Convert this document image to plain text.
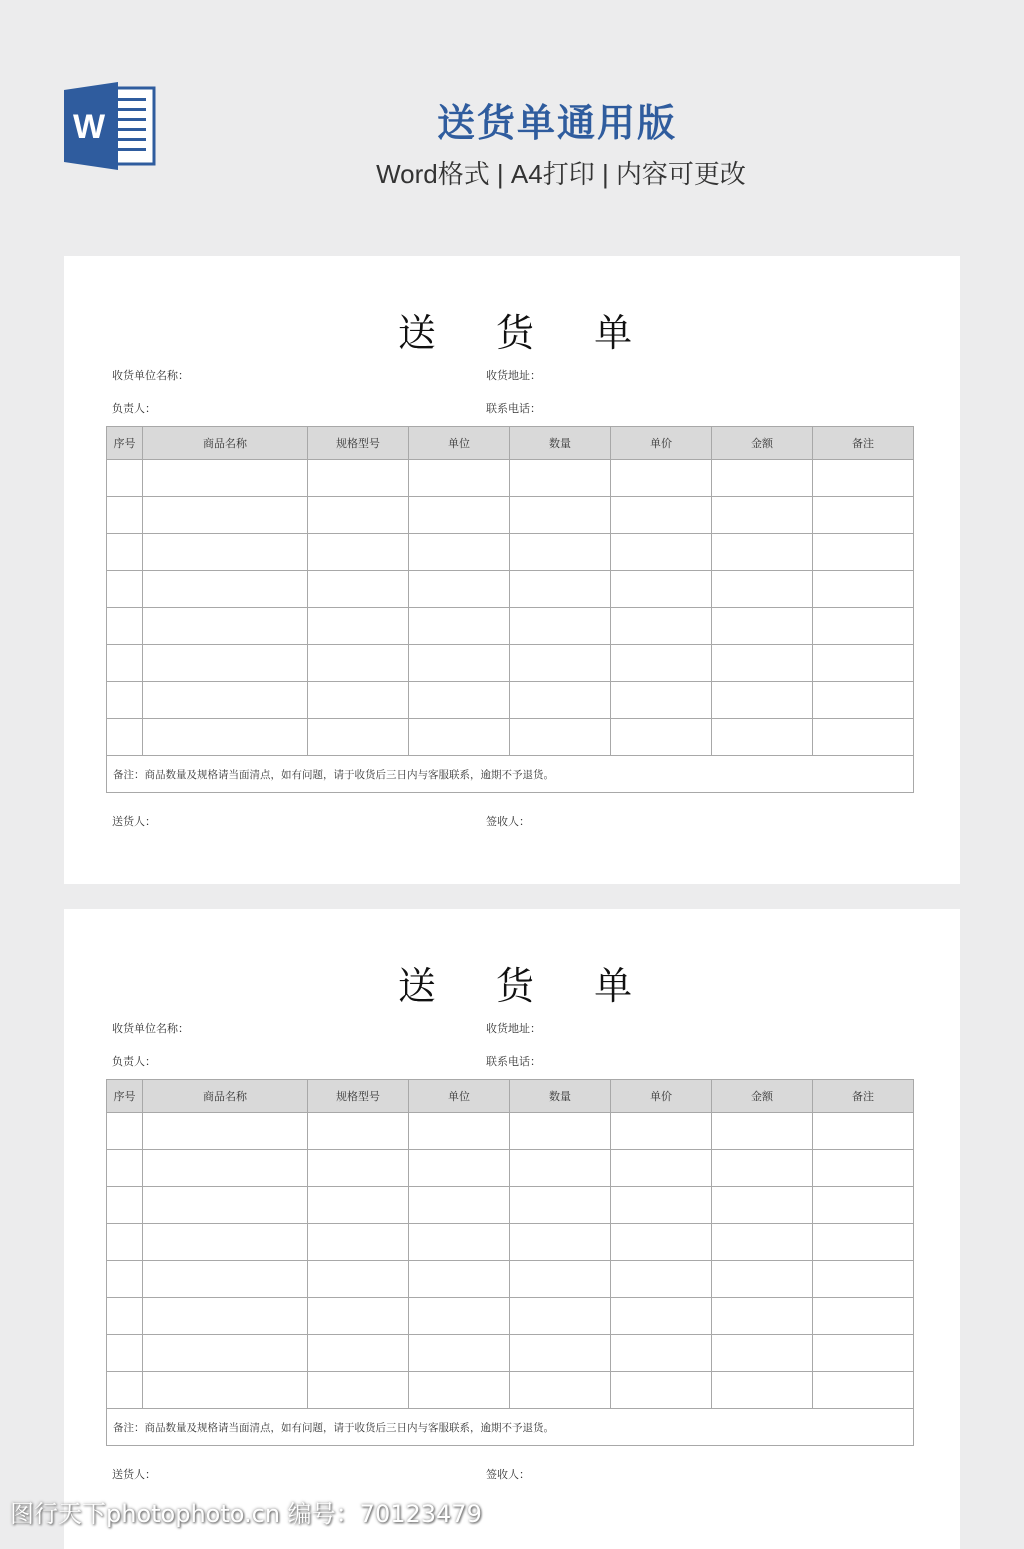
W	送货单通用版
Word格式 | A4打印 | 内容可更改
送 货 单
收货单位名称：	收货地址：
负责人：	联系电话：
序号	商品名称	规格型号	单位	数量	单价	金额	备注

备注：商品数量及规格请当面清点，如有问题，请于收货后三日内与客服联系，逾期不予退货。							
送货人：	签收人：
送 货 单
收货单位名称：	收货地址：
负责人：	联系电话：
序号	商品名称	规格型号	单位	数量	单价	金额	备注

备注：商品数量及规格请当面清点，如有问题，请于收货后三日内与客服联系，逾期不予退货。							
送货人：	签收人：
图行天下photophoto.cn 编号：70123479
